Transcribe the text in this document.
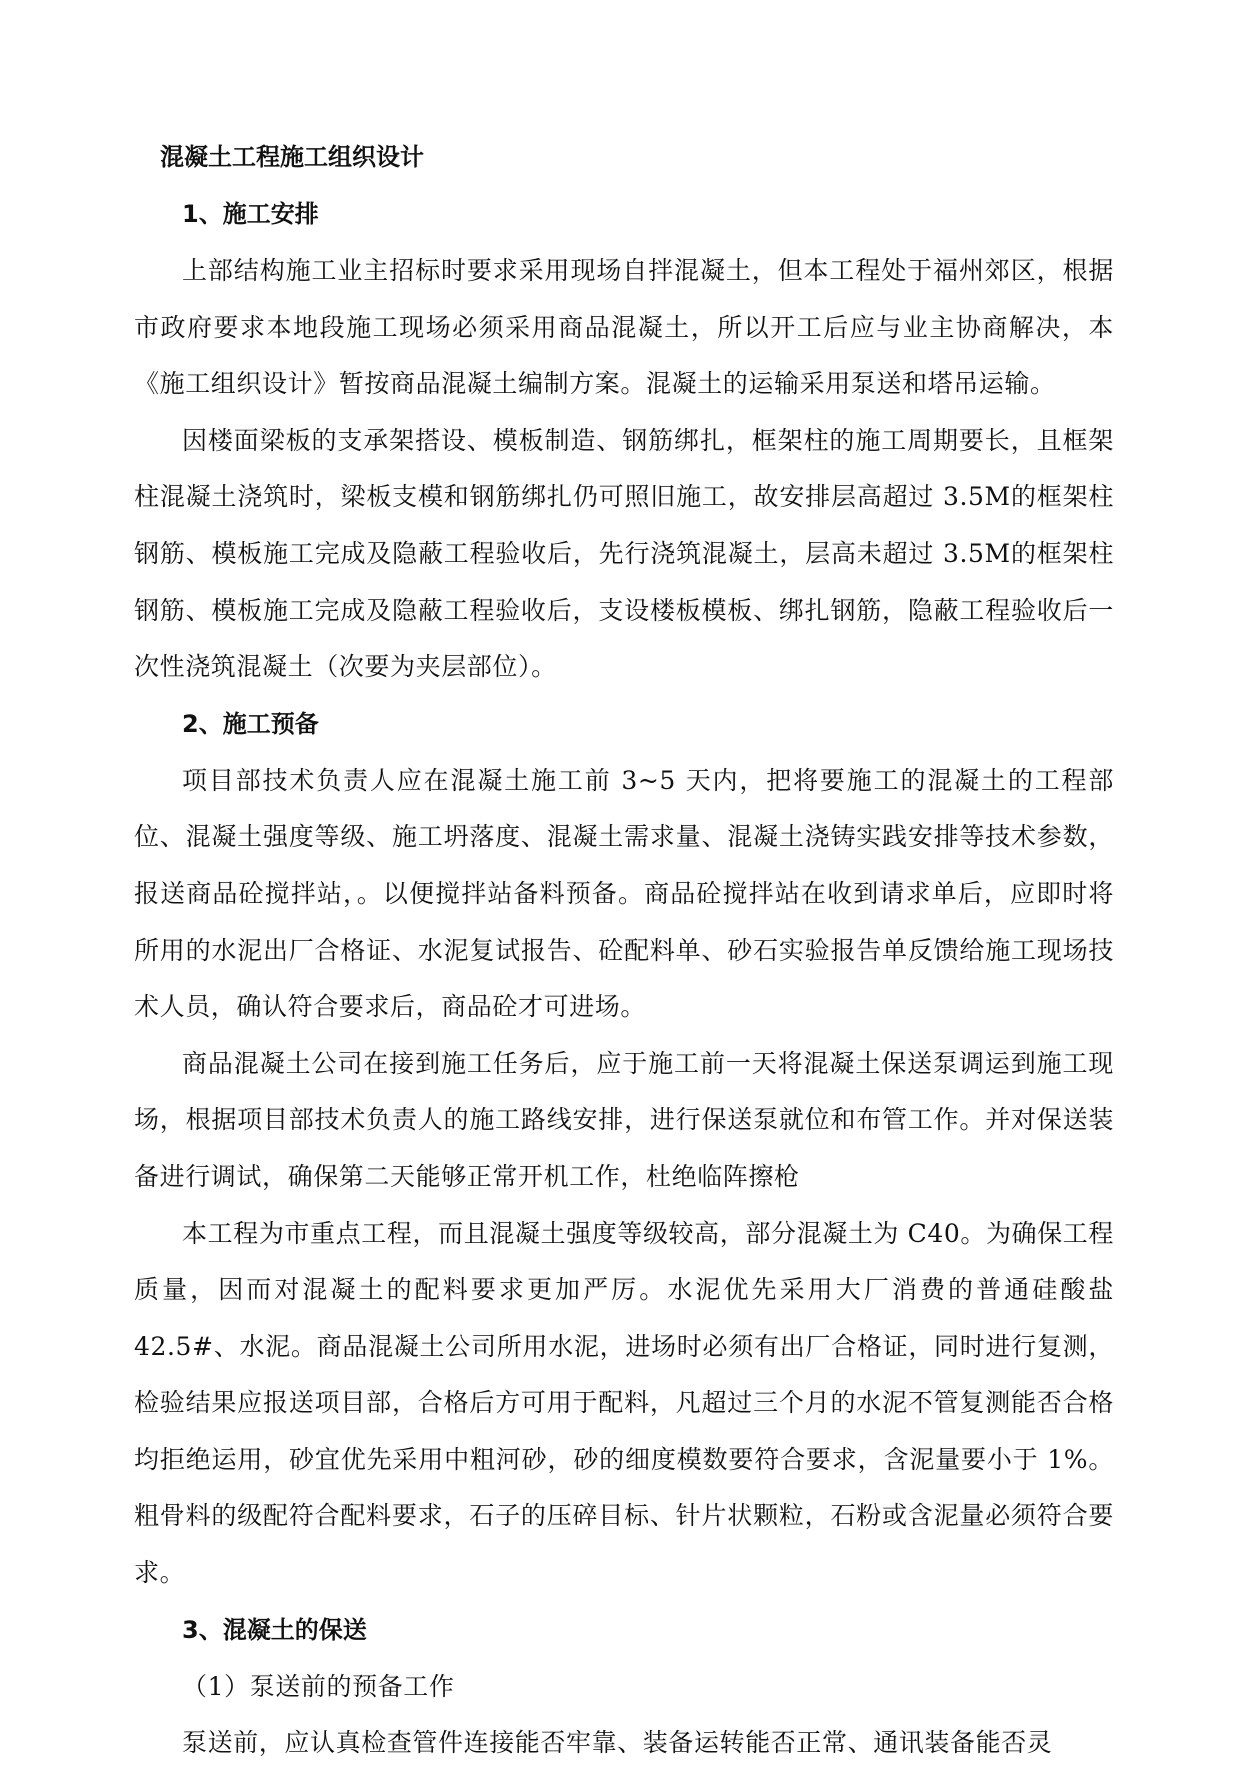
混凝土工程施工组织设计
1、施工安排

上部结构施工业主招标时要求采用现场自拌混凝土，但本工程处于福州郊区，根据市政府要求本地段施工现场必须采用商品混凝土，所以开工后应与业主协商解决，本《施工组织设计》暂按商品混凝土编制方案。混凝土的运输采用泵送和塔吊运输。

因楼面梁板的支承架搭设、模板制造、钢筋绑扎，框架柱的施工周期要长，且框架柱混凝土浇筑时，梁板支模和钢筋绑扎仍可照旧施工，故安排层高超过 3.5M的框架柱钢筋、模板施工完成及隐蔽工程验收后，先行浇筑混凝土，层高未超过 3.5M的框架柱钢筋、模板施工完成及隐蔽工程验收后，支设楼板模板、绑扎钢筋，隐蔽工程验收后一次性浇筑混凝土（次要为夹层部位）。

2、施工预备

项目部技术负责人应在混凝土施工前 3~5 天内，把将要施工的混凝土的工程部位、混凝土强度等级、施工坍落度、混凝土需求量、混凝土浇铸实践安排等技术参数，报送商品砼搅拌站，。以便搅拌站备料预备。商品砼搅拌站在收到请求单后，应即时将所用的水泥出厂合格证、水泥复试报告、砼配料单、砂石实验报告单反馈给施工现场技术人员，确认符合要求后，商品砼才可进场。

商品混凝土公司在接到施工任务后，应于施工前一天将混凝土保送泵调运到施工现场，根据项目部技术负责人的施工路线安排，进行保送泵就位和布管工作。并对保送装备进行调试，确保第二天能够正常开机工作，杜绝临阵擦枪

本工程为市重点工程，而且混凝土强度等级较高，部分混凝土为 C40。为确保工程质量，因而对混凝土的配料要求更加严厉。水泥优先采用大厂消费的普通硅酸盐 42.5#、水泥。商品混凝土公司所用水泥，进场时必须有出厂合格证，同时进行复测，检验结果应报送项目部，合格后方可用于配料，凡超过三个月的水泥不管复测能否合格均拒绝运用，砂宜优先采用中粗河砂，砂的细度模数要符合要求，含泥量要小于 1%。粗骨料的级配符合配料要求，石子的压碎目标、针片状颗粒，石粉或含泥量必须符合要求。

3、混凝土的保送

（1）泵送前的预备工作

泵送前，应认真检查管件连接能否牢靠、装备运转能否正常、通讯装备能否灵
